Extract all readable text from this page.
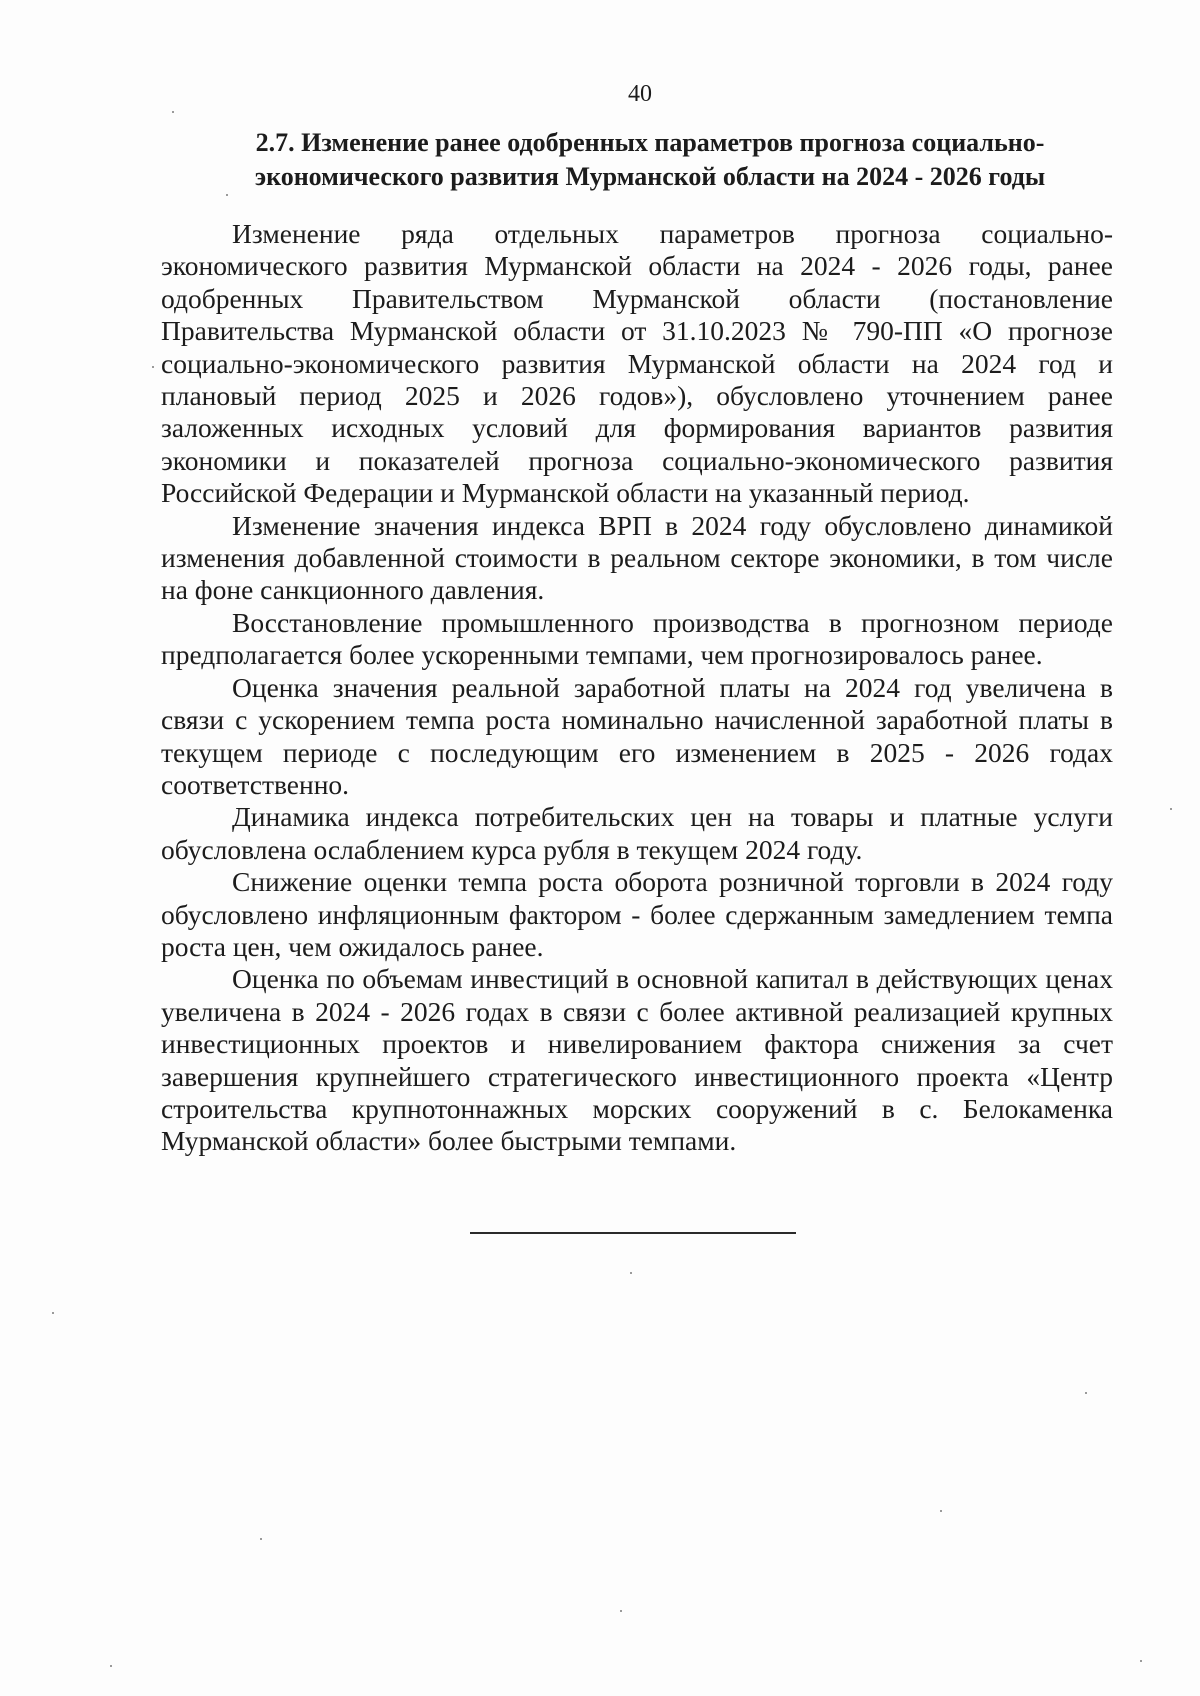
40
2.7. Изменение ранее одобренных параметров прогноза социально-
экономического развития Мурманской области на 2024 - 2026 годы

Изменение ряда отдельных параметров прогноза социально-экономического развития Мурманской области на 2024 - 2026 годы, ранее одобренных Правительством Мурманской области (постановление Правительства Мурманской области от 31.10.2023 № 790-ПП «О прогнозе социально-экономического развития Мурманской области на 2024 год и плановый период 2025 и 2026 годов»), обусловлено уточнением ранее заложенных исходных условий для формирования вариантов развития экономики и показателей прогноза социально-экономического развития Российской Федерации и Мурманской области на указанный период.

Изменение значения индекса ВРП в 2024 году обусловлено динамикой изменения добавленной стоимости в реальном секторе экономики, в том числе на фоне санкционного давления.

Восстановление промышленного производства в прогнозном периоде предполагается более ускоренными темпами, чем прогнозировалось ранее.

Оценка значения реальной заработной платы на 2024 год увеличена в связи с ускорением темпа роста номинально начисленной заработной платы в текущем периоде с последующим его изменением в 2025 - 2026 годах соответственно.

Динамика индекса потребительских цен на товары и платные услуги обусловлена ослаблением курса рубля в текущем 2024 году.

Снижение оценки темпа роста оборота розничной торговли в 2024 году обусловлено инфляционным фактором - более сдержанным замедлением темпа роста цен, чем ожидалось ранее.

Оценка по объемам инвестиций в основной капитал в действующих ценах увеличена в 2024 - 2026 годах в связи с более активной реализацией крупных инвестиционных проектов и нивелированием фактора снижения за счет завершения крупнейшего стратегического инвестиционного проекта «Центр строительства крупнотоннажных морских сооружений в с. Белокаменка Мурманской области» более быстрыми темпами.
